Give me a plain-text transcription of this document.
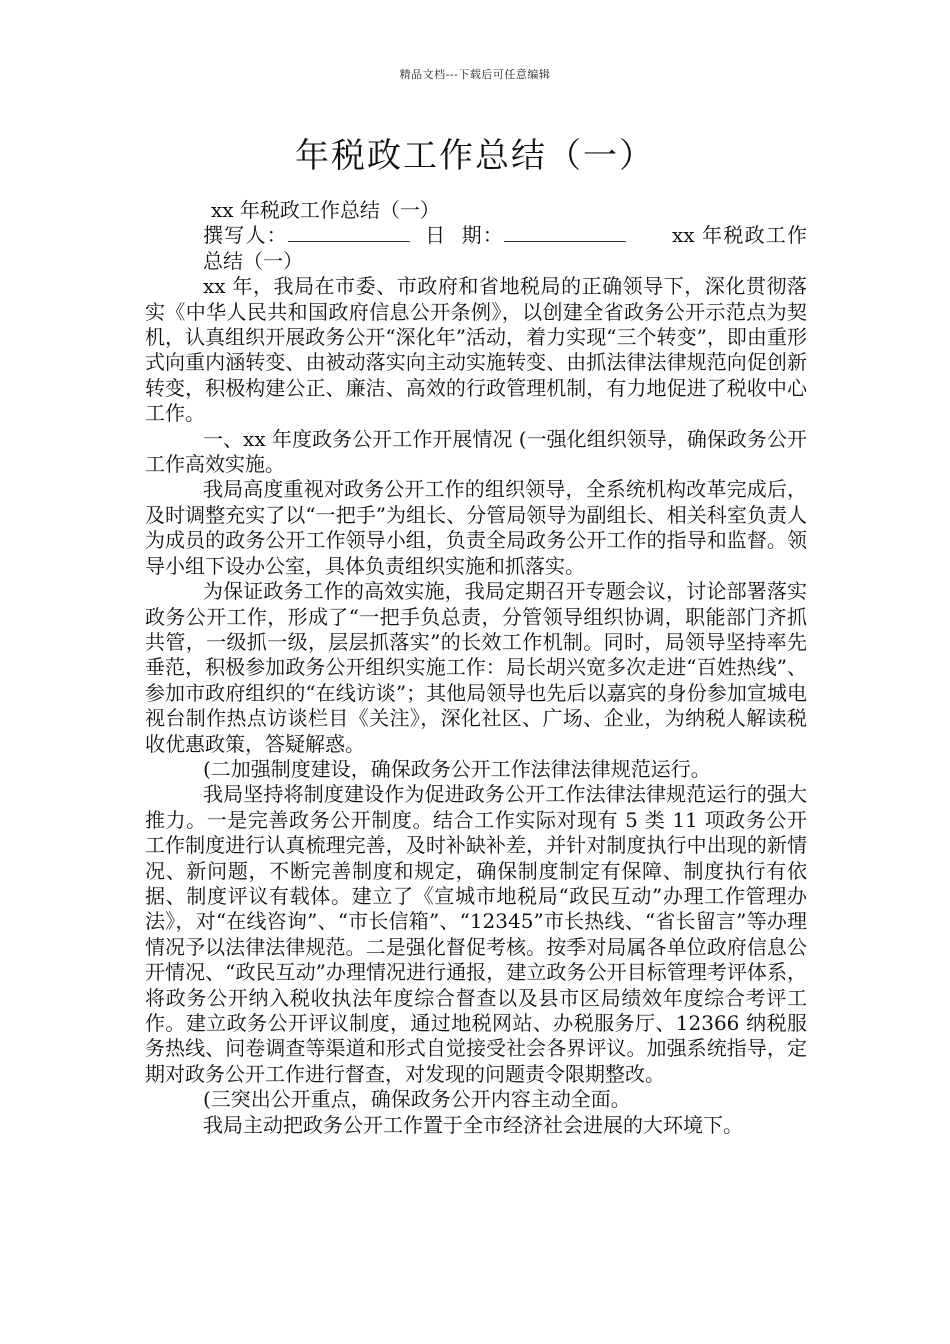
精品文档---下载后可任意编辑
年税政工作总结（一）

xx 年税政工作总结（一）

撰写人：	日 期：	xx 年税政工作总结（一）

xx 年，我局在市委、市政府和省地税局的正确领导下，深化贯彻落实《中华人民共和国政府信息公开条例》，以创建全省政务公开示范点为契机，认真组织开展政务公开“深化年”活动，着力实现“三个转变”，即由重形式向重内涵转变、由被动落实向主动实施转变、由抓法律法律规范向促创新转变，积极构建公正、廉洁、高效的行政管理机制，有力地促进了税收中心工作。

一、xx 年度政务公开工作开展情况 (一强化组织领导，确保政务公开工作高效实施。

我局高度重视对政务公开工作的组织领导，全系统机构改革完成后，及时调整充实了以“一把手”为组长、分管局领导为副组长、相关科室负责人为成员的政务公开工作领导小组，负责全局政务公开工作的指导和监督。领导小组下设办公室，具体负责组织实施和抓落实。

为保证政务工作的高效实施，我局定期召开专题会议，讨论部署落实政务公开工作，形成了“一把手负总责，分管领导组织协调，职能部门齐抓共管，一级抓一级，层层抓落实”的长效工作机制。同时，局领导坚持率先垂范，积极参加政务公开组织实施工作：局长胡兴宽多次走进“百姓热线”、参加市政府组织的“在线访谈”；其他局领导也先后以嘉宾的身份参加宣城电视台制作热点访谈栏目《关注》，深化社区、广场、企业，为纳税人解读税收优惠政策，答疑解惑。

(二加强制度建设，确保政务公开工作法律法律规范运行。

我局坚持将制度建设作为促进政务公开工作法律法律规范运行的强大推力。一是完善政务公开制度。结合工作实际对现有 5 类 11 项政务公开工作制度进行认真梳理完善，及时补缺补差，并针对制度执行中出现的新情况、新问题，不断完善制度和规定，确保制度制定有保障、制度执行有依据、制度评议有载体。建立了《宣城市地税局“政民互动”办理工作管理办法》，对“在线咨询”、“市长信箱”、“12345”市长热线、“省长留言”等办理情况予以法律法律规范。二是强化督促考核。按季对局属各单位政府信息公开情况、“政民互动”办理情况进行通报，建立政务公开目标管理考评体系，将政务公开纳入税收执法年度综合督查以及县市区局绩效年度综合考评工作。建立政务公开评议制度，通过地税网站、办税服务厅、12366 纳税服务热线、问卷调查等渠道和形式自觉接受社会各界评议。加强系统指导，定期对政务公开工作进行督查，对发现的问题责令限期整改。

(三突出公开重点，确保政务公开内容主动全面。

我局主动把政务公开工作置于全市经济社会进展的大环境下。
